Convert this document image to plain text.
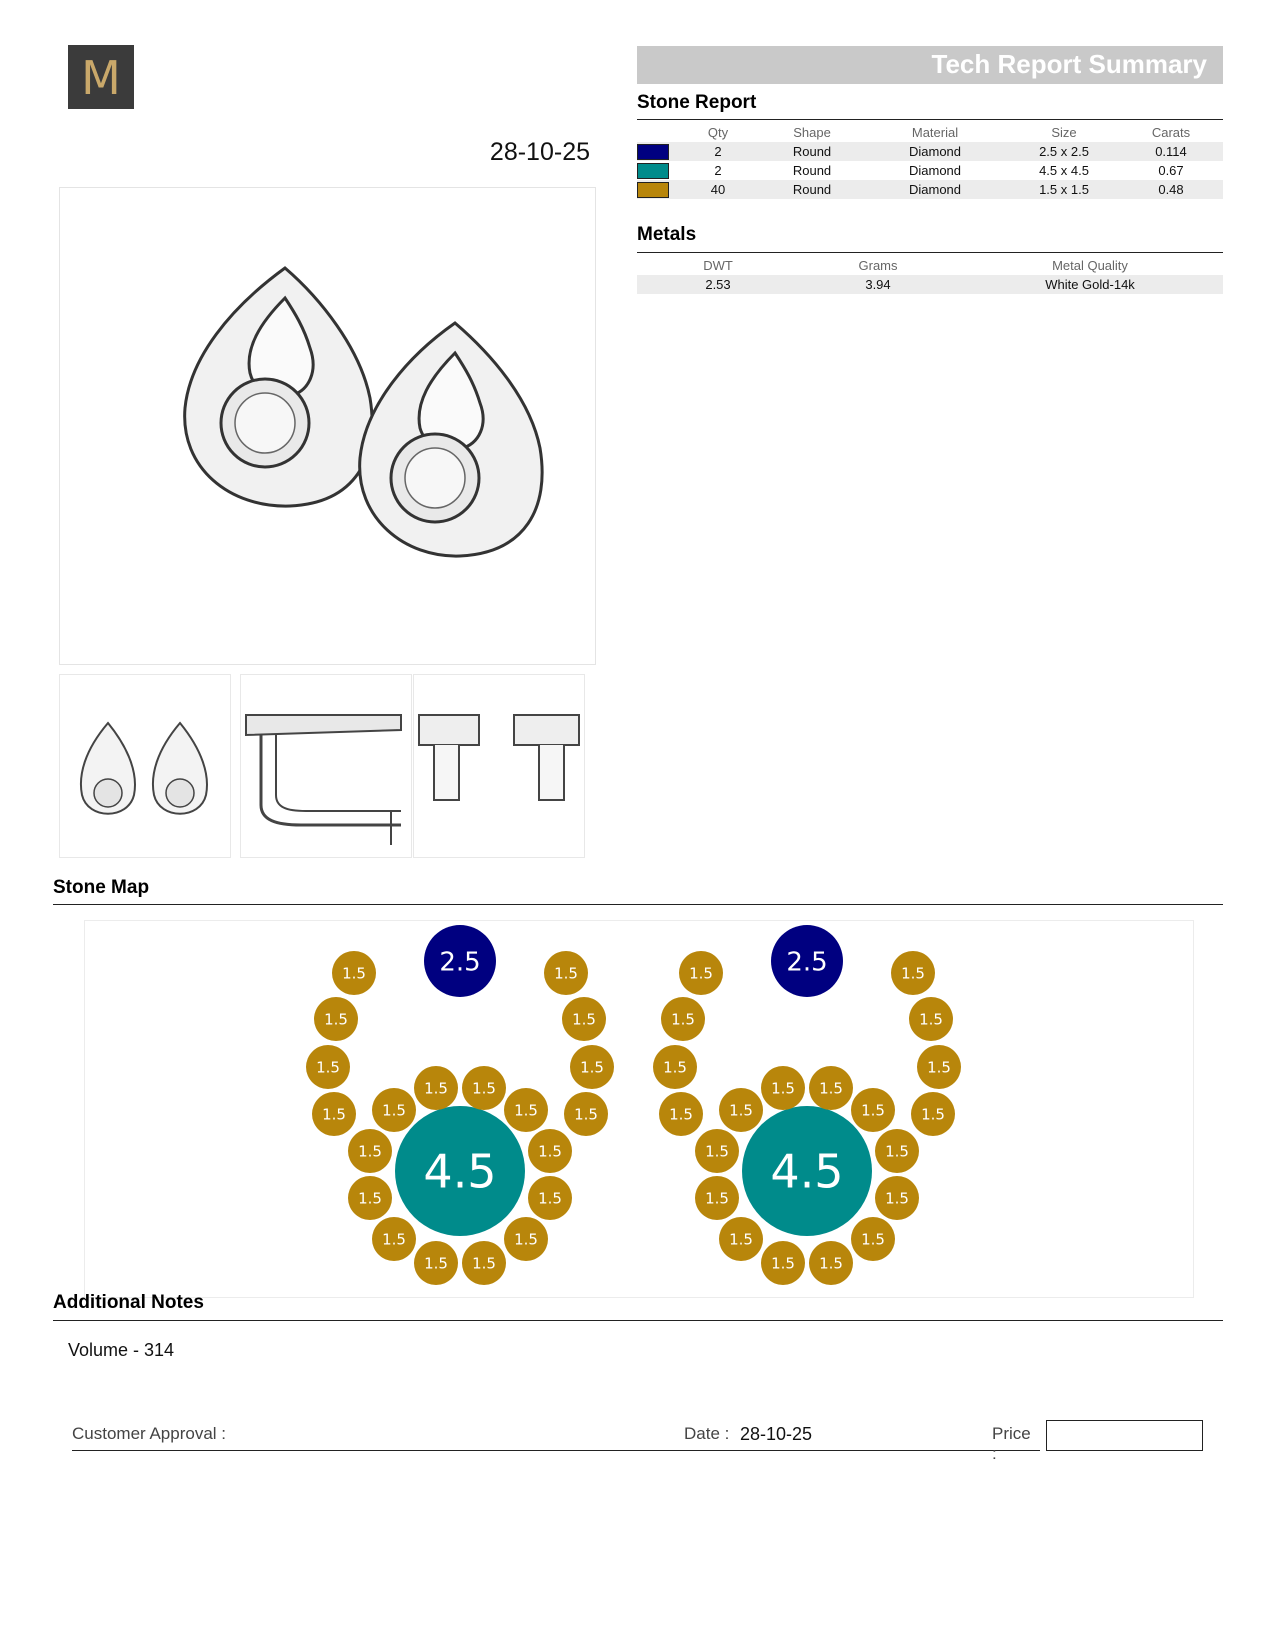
M
28-10-25
Tech Report Summary
Stone Report
	Qty	Shape	Material	Size	Carats
	2	Round	Diamond	2.5 x 2.5	0.114
	2	Round	Diamond	4.5 x 4.5	0.67
	40	Round	Diamond	1.5 x 1.5	0.48
Metals
DWT	Grams	Metal Quality
2.53	3.94	White Gold-14k
Stone Map
2.5
4.5
1.5 1.5
1.5	1.5
1.5	1.5
1.5	1.5
1.5	1.5
1.5 1.5
1.5	1.5
1.5	1.5
1.5	1.5
1.5	1.5
2.5
4.5
1.5 1.5
1.5	1.5
1.5	1.5
1.5	1.5
1.5	1.5
1.5 1.5
1.5	1.5
1.5	1.5
1.5	1.5
1.5	1.5
Additional Notes
Volume - 314
Customer Approval :	Date : 28-10-25	Price :
